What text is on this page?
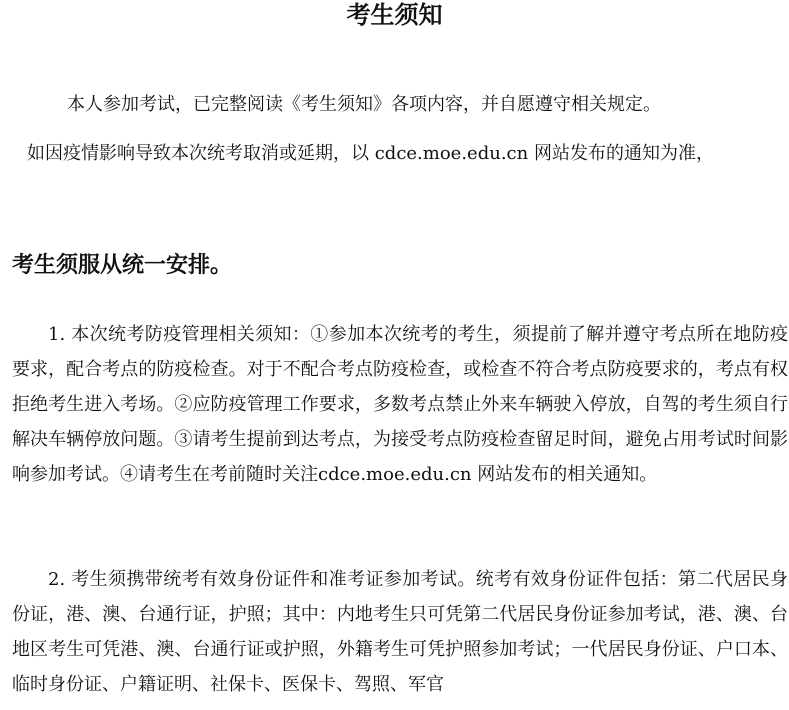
考生须知
本人参加考试，已完整阅读《考生须知》各项内容，并自愿遵守相关规定。
如因疫情影响导致本次统考取消或延期，以 cdce.moe.edu.cn 网站发布的通知为准，
考生须服从统一安排。

1. 本次统考防疫管理相关须知：①参加本次统考的考生，须提前了解并遵守考点所在地防疫要求，配合考点的防疫检查。对于不配合考点防疫检查，或检查不符合考点防疫要求的，考点有权拒绝考生进入考场。②应防疫管理工作要求，多数考点禁止外来车辆驶入停放，自驾的考生须自行解决车辆停放问题。③请考生提前到达考点，为接受考点防疫检查留足时间，避免占用考试时间影响参加考试。④请考生在考前随时关注cdce.moe.edu.cn 网站发布的相关通知。

2. 考生须携带统考有效身份证件和准考证参加考试。统考有效身份证件包括：第二代居民身份证，港、澳、台通行证，护照；其中：内地考生只可凭第二代居民身份证参加考试，港、澳、台地区考生可凭港、澳、台通行证或护照，外籍考生可凭护照参加考试；一代居民身份证、户口本、临时身份证、户籍证明、社保卡、医保卡、驾照、军官
